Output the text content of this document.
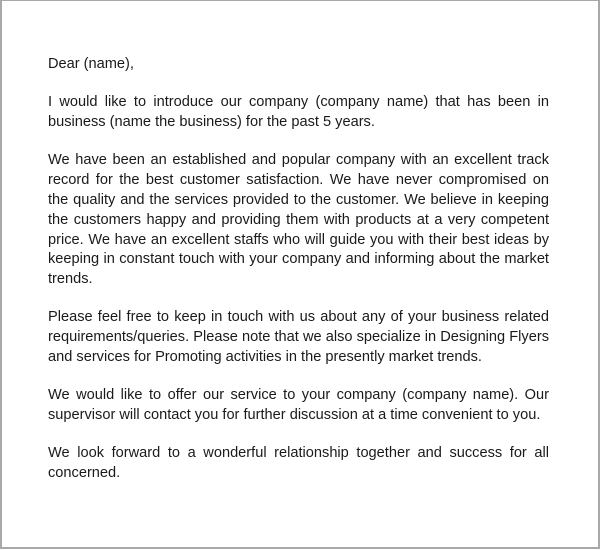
Dear (name),

I would like to introduce our company (company name) that has been in business (name the business) for the past 5 years.

We have been an established and popular company with an excellent track record for the best customer satisfaction. We have never compromised on the quality and the services provided to the customer. We believe in keeping the customers happy and providing them with products at a very competent price. We have an excellent staffs who will guide you with their best ideas by keeping in constant touch with your company and informing about the market trends.

Please feel free to keep in touch with us about any of your business related requirements/queries. Please note that we also specialize in Designing Flyers and services for Promoting activities in the presently market trends.

We would like to offer our service to your company (company name). Our supervisor will contact you for further discussion at a time convenient to you.

We look forward to a wonderful relationship together and success for all concerned.
